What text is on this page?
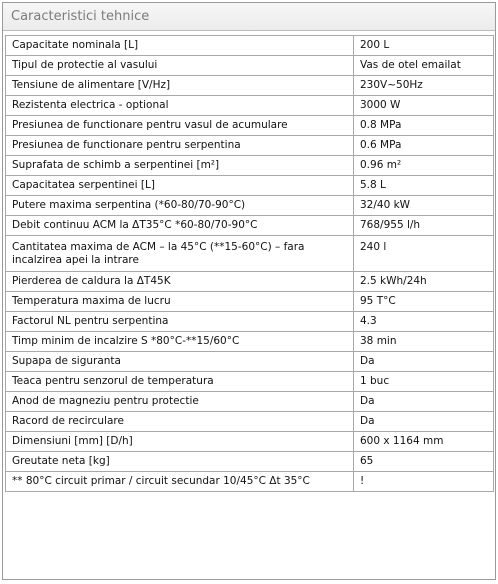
Caracteristici tehnice
Capacitate nominala [L]	200 L
Tipul de protectie al vasului	Vas de otel emailat
Tensiune de alimentare [V/Hz]	230V~50Hz
Rezistenta electrica - optional	3000 W
Presiunea de functionare pentru vasul de acumulare	0.8 MPa
Presiunea de functionare pentru serpentina	0.6 MPa
Suprafata de schimb a serpentinei [m²]	0.96 m²
Capacitatea serpentinei [L]	5.8 L
Putere maxima serpentina (*60-80/70-90°C)	32/40 kW
Debit continuu ACM la ΔT35°C *60-80/70-90°C	768/955 l/h
Cantitatea maxima de ACM – la 45°C (**15-60°C) – fara incalzirea apei la intrare	240 l
Pierderea de caldura la ΔT45K	2.5 kWh/24h
Temperatura maxima de lucru	95 T°C
Factorul NL pentru serpentina	4.3
Timp minim de incalzire S *80°C-**15/60°C	38 min
Supapa de siguranta	Da
Teaca pentru senzorul de temperatura	1 buc
Anod de magneziu pentru protectie	Da
Racord de recirculare	Da
Dimensiuni [mm] [D/h]	600 x 1164 mm
Greutate neta [kg]	65
** 80°C circuit primar / circuit secundar 10/45°C Δt 35°C	!
